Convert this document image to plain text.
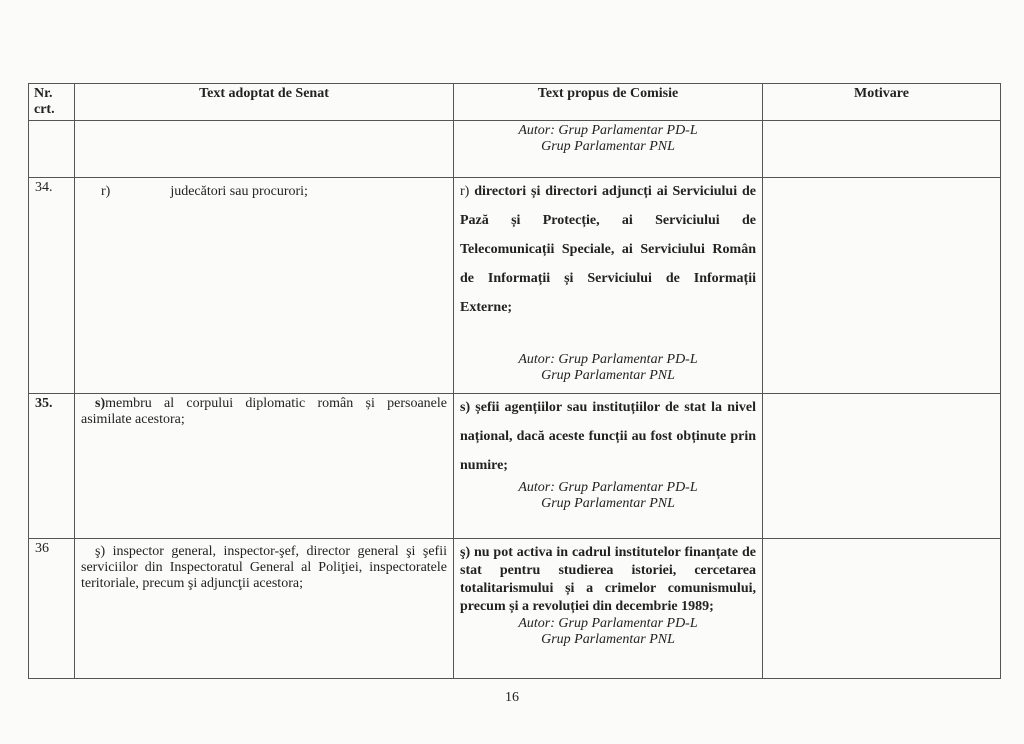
Nr. crt.	Text adoptat de Senat	Text propus de Comisie	Motivare

		Autor: Grup Parlamentar PD-L
Grup Parlamentar PNL	

34.	r) judecători sau procurori;	r) directori și directori adjuncți ai Serviciului de Pază și Protecție, ai Serviciului de Telecomunicații Speciale, ai Serviciului Român de Informații și Serviciului de Informații Externe;
Autor: Grup Parlamentar PD-L
Grup Parlamentar PNL	

35.	s)membru al corpului diplomatic român și persoanele asimilate acestora;	s) șefii agențiilor sau instituțiilor de stat la nivel național, dacă aceste funcții au fost obținute prin numire;
Autor: Grup Parlamentar PD-L
Grup Parlamentar PNL	

36	ş) inspector general, inspector-şef, director general şi şefii serviciilor din Inspectoratul General al Poliţiei, inspectoratele teritoriale, precum şi adjuncţii acestora;	ş) nu pot activa in cadrul institutelor finanțate de stat pentru studierea istoriei, cercetarea totalitarismului și a crimelor comunismului, precum și a revoluției din decembrie 1989;
Autor: Grup Parlamentar PD-L
Grup Parlamentar PNL	

16
